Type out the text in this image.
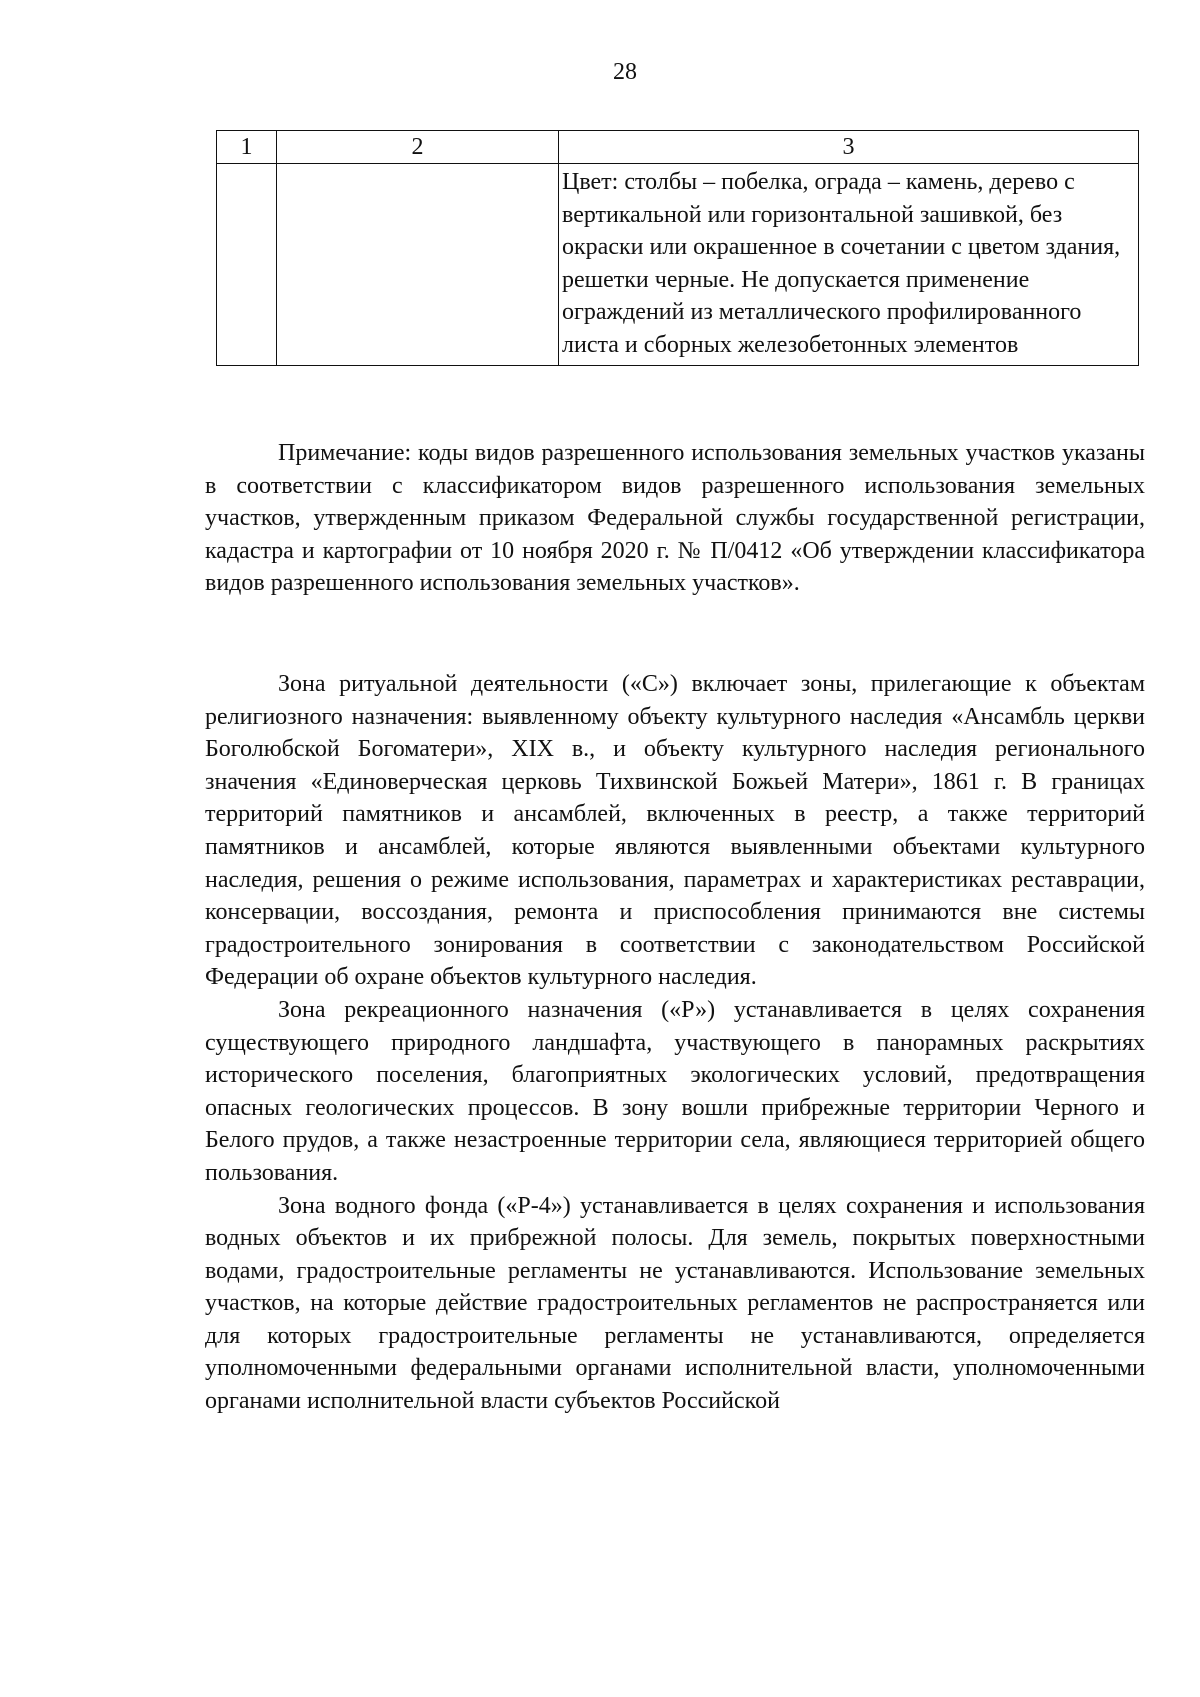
28
1	2	3
		Цвет: столбы – побелка, ограда – камень, дерево с вертикальной или горизонтальной зашивкой, без окраски или окрашенное в сочетании с цветом здания, решетки черные. Не допускается применение ограждений из металлического профилированного листа и сборных железобетонных элементов

Примечание: коды видов разрешенного использования земельных участков указаны в соответствии с классификатором видов разрешенного использования земельных участков, утвержденным приказом Федеральной службы государственной регистрации, кадастра и картографии от 10 ноября 2020 г. № П/0412 «Об утверждении классификатора видов разрешенного использования земельных участков».

Зона ритуальной деятельности («С») включает зоны, прилегающие к объектам религиозного назначения: выявленному объекту культурного наследия «Ансамбль церкви Боголюбской Богоматери», XIX в., и объекту культурного наследия регионального значения «Единоверческая церковь Тихвинской Божьей Матери», 1861 г. В границах территорий памятников и ансамблей, включенных в реестр, а также территорий памятников и ансамблей, которые являются выявленными объектами культурного наследия, решения о режиме использования, параметрах и характеристиках реставрации, консервации, воссоздания, ремонта и приспособления принимаются вне системы градостроительного зонирования в соответствии с законодательством Российской Федерации об охране объектов культурного наследия.

Зона рекреационного назначения («Р») устанавливается в целях сохранения существующего природного ландшафта, участвующего в панорамных раскрытиях исторического поселения, благоприятных экологических условий, предотвращения опасных геологических процессов. В зону вошли прибрежные территории Черного и Белого прудов, а также незастроенные территории села, являющиеся территорией общего пользования.

Зона водного фонда («Р-4») устанавливается в целях сохранения и использования водных объектов и их прибрежной полосы. Для земель, покрытых поверхностными водами, градостроительные регламенты не устанавливаются. Использование земельных участков, на которые действие градостроительных регламентов не распространяется или для которых градостроительные регламенты не устанавливаются, определяется уполномоченными федеральными органами исполнительной власти, уполномоченными органами исполнительной власти субъектов Российской
